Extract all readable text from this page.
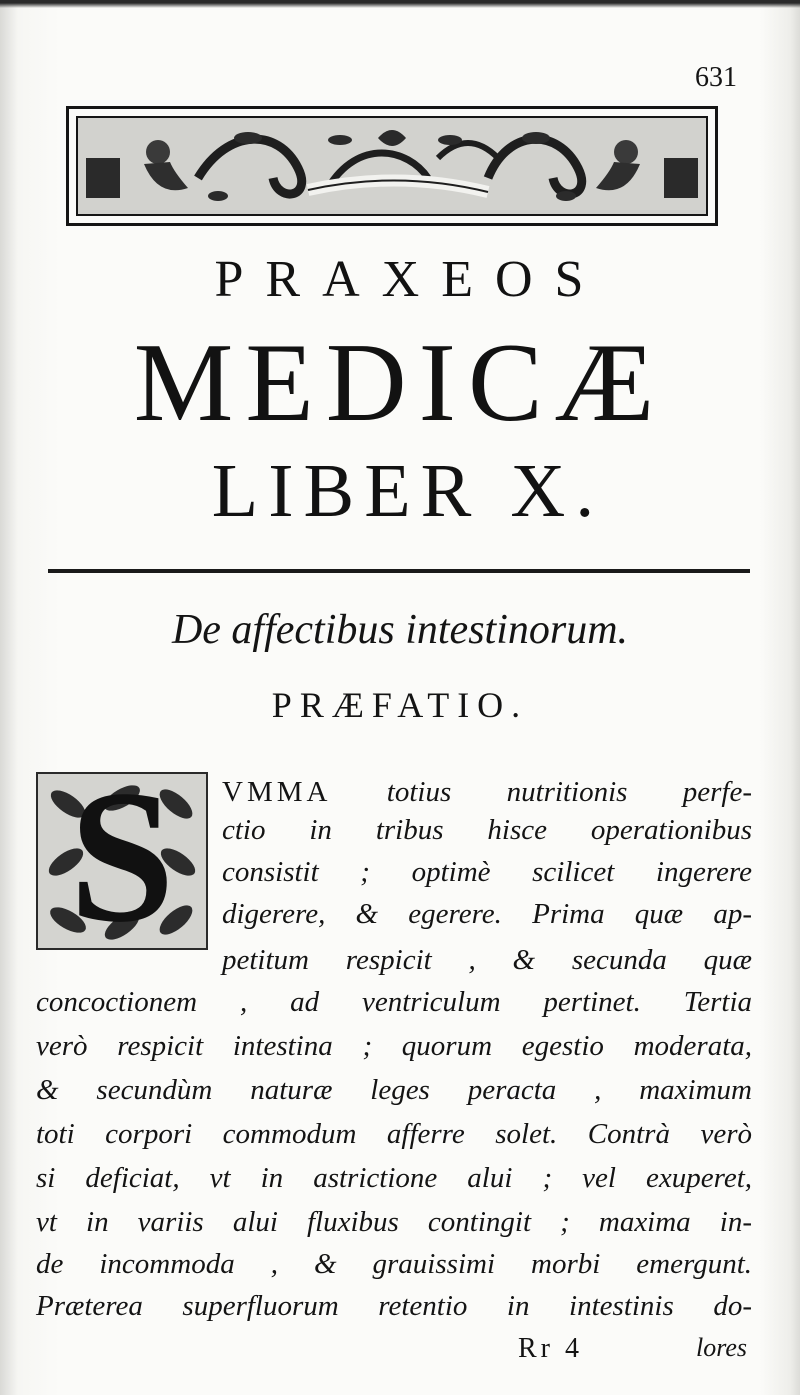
631
PRAXEOS
MEDICÆ
LIBER X.
De affectibus intestinorum.
PRÆFATIO.
S	VMMA totius nutritionis perfe-
ctio in tribus hisce operationibus
consistit ; optimè scilicet ingerere
digerere, & egerere. Prima quæ ap-
petitum respicit , & secunda quæ
concoctionem , ad ventriculum pertinet. Tertia
verò respicit intestina ; quorum egestio moderata,
& secundùm naturæ leges peracta , maximum
toti corpori commodum afferre solet. Contrà verò
si deficiat, vt in astrictione alui ; vel exuperet,
vt in variis alui fluxibus contingit ; maxima in-
de incommoda , & grauissimi morbi emergunt.
Præterea superfluorum retentio in intestinis do-
Rr 4	lores
